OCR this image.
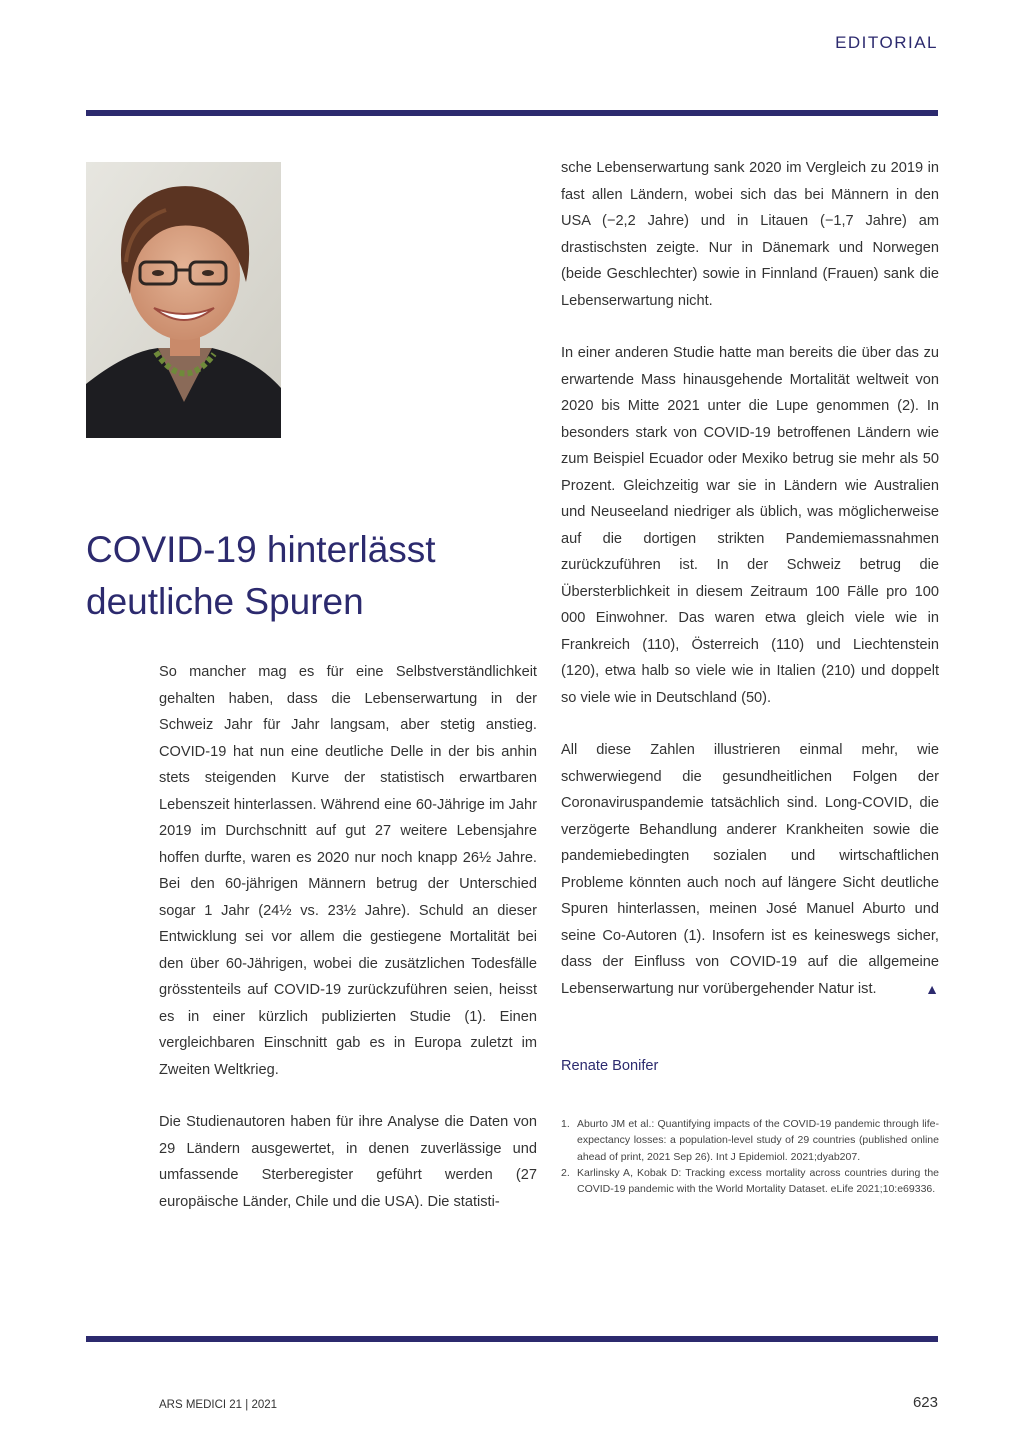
EDITORIAL
COVID-19 hinterlässt
deutliche Spuren

So mancher mag es für eine Selbstverständlichkeit gehalten haben, dass die Lebenserwartung in der Schweiz Jahr für Jahr langsam, aber stetig anstieg. COVID-19 hat nun eine deutliche Delle in der bis anhin stets steigenden Kurve der statistisch erwartbaren Lebenszeit hinterlassen. Während eine 60-Jährige im Jahr 2019 im Durchschnitt auf gut 27 weitere Lebensjahre hoffen durfte, waren es 2020 nur noch knapp 26½ Jahre. Bei den 60-jährigen Männern betrug der Unterschied sogar 1 Jahr (24½ vs. 23½ Jahre). Schuld an dieser Entwicklung sei vor allem die gestiegene Mortalität bei den über 60-Jährigen, wobei die zusätzlichen Todesfälle grösstenteils auf COVID-19 zurückzuführen seien, heisst es in einer kürzlich publizierten Studie (1). Einen vergleichbaren Einschnitt gab es in Europa zuletzt im Zweiten Weltkrieg.

Die Studienautoren haben für ihre Analyse die Daten von 29 Ländern ausgewertet, in denen zuverlässige und umfassende Sterberegister geführt werden (27 europäische Länder, Chile und die USA). Die statisti-

sche Lebenserwartung sank 2020 im Vergleich zu 2019 in fast allen Ländern, wobei sich das bei Männern in den USA (−2,2 Jahre) und in Litauen (−1,7 Jahre) am drastischsten zeigte. Nur in Dänemark und Norwegen (beide Geschlechter) sowie in Finnland (Frauen) sank die Lebenserwartung nicht.

In einer anderen Studie hatte man bereits die über das zu erwartende Mass hinausgehende Mortalität weltweit von 2020 bis Mitte 2021 unter die Lupe genommen (2). In besonders stark von COVID-19 betroffenen Ländern wie zum Beispiel Ecuador oder Mexiko betrug sie mehr als 50 Prozent. Gleichzeitig war sie in Ländern wie Australien und Neuseeland niedriger als üblich, was möglicherweise auf die dortigen strikten Pandemiemassnahmen zurückzuführen ist. In der Schweiz betrug die Übersterblichkeit in diesem Zeitraum 100 Fälle pro 100 000 Einwohner. Das waren etwa gleich viele wie in Frankreich (110), Österreich (110) und Liechtenstein (120), etwa halb so viele wie in Italien (210) und doppelt so viele wie in Deutschland (50).

All diese Zahlen illustrieren einmal mehr, wie schwerwiegend die gesundheitlichen Folgen der Coronaviruspandemie tatsächlich sind. Long-COVID, die verzögerte Behandlung anderer Krankheiten sowie die pandemiebedingten sozialen und wirtschaftlichen Probleme könnten auch noch auf längere Sicht deutliche Spuren hinterlassen, meinen José Manuel Aburto und seine Co-Autoren (1). Insofern ist es keineswegs sicher, dass der Einfluss von COVID-19 auf die allgemeine Lebenserwartung nur vorübergehender Natur ist.	▲

Renate Bonifer
1. Aburto JM et al.: Quantifying impacts of the COVID-19 pandemic through life-expectancy losses: a population-level study of 29 countries (published online ahead of print, 2021 Sep 26). Int J Epidemiol. 2021;dyab207.
2. Karlinsky A, Kobak D: Tracking excess mortality across countries during the COVID-19 pandemic with the World Mortality Dataset. eLife 2021;10:e69336.
ARS MEDICI 21 | 2021	623
